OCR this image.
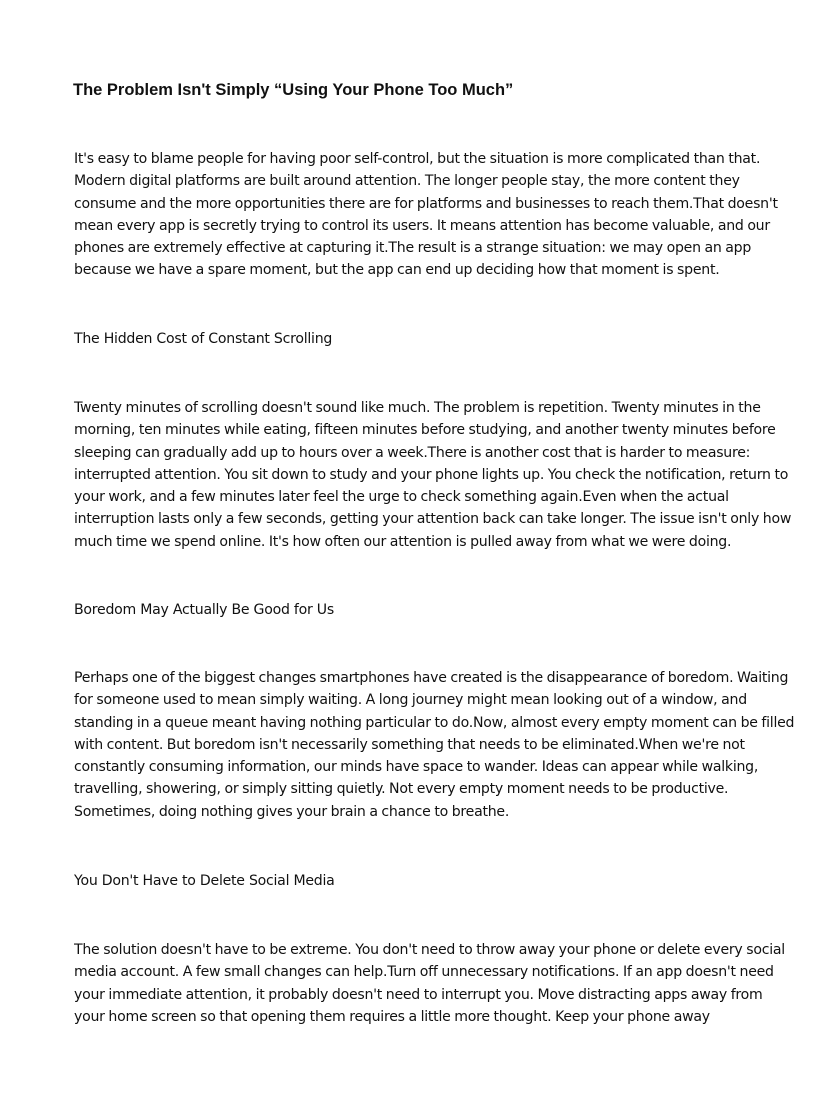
The Problem Isn't Simply “Using Your Phone Too Much”

It's easy to blame people for having poor self-control, but the situation is more complicated than that. Modern digital platforms are built around attention. The longer people stay, the more content they consume and the more opportunities there are for platforms and businesses to reach them.That doesn't mean every app is secretly trying to control its users. It means attention has become valuable, and our phones are extremely effective at capturing it.The result is a strange situation: we may open an app because we have a spare moment, but the app can end up deciding how that moment is spent.

The Hidden Cost of Constant Scrolling

Twenty minutes of scrolling doesn't sound like much. The problem is repetition. Twenty minutes in the morning, ten minutes while eating, fifteen minutes before studying, and another twenty minutes before sleeping can gradually add up to hours over a week.There is another cost that is harder to measure: interrupted attention. You sit down to study and your phone lights up. You check the notification, return to your work, and a few minutes later feel the urge to check something again.Even when the actual interruption lasts only a few seconds, getting your attention back can take longer. The issue isn't only how much time we spend online. It's how often our attention is pulled away from what we were doing.

Boredom May Actually Be Good for Us

Perhaps one of the biggest changes smartphones have created is the disappearance of boredom. Waiting for someone used to mean simply waiting. A long journey might mean looking out of a window, and standing in a queue meant having nothing particular to do.Now, almost every empty moment can be filled with content. But boredom isn't necessarily something that needs to be eliminated.When we're not constantly consuming information, our minds have space to wander. Ideas can appear while walking, travelling, showering, or simply sitting quietly. Not every empty moment needs to be productive. Sometimes, doing nothing gives your brain a chance to breathe.

You Don't Have to Delete Social Media

The solution doesn't have to be extreme. You don't need to throw away your phone or delete every social media account. A few small changes can help.Turn off unnecessary notifications. If an app doesn't need your immediate attention, it probably doesn't need to interrupt you. Move distracting apps away from your home screen so that opening them requires a little more thought. Keep your phone away
